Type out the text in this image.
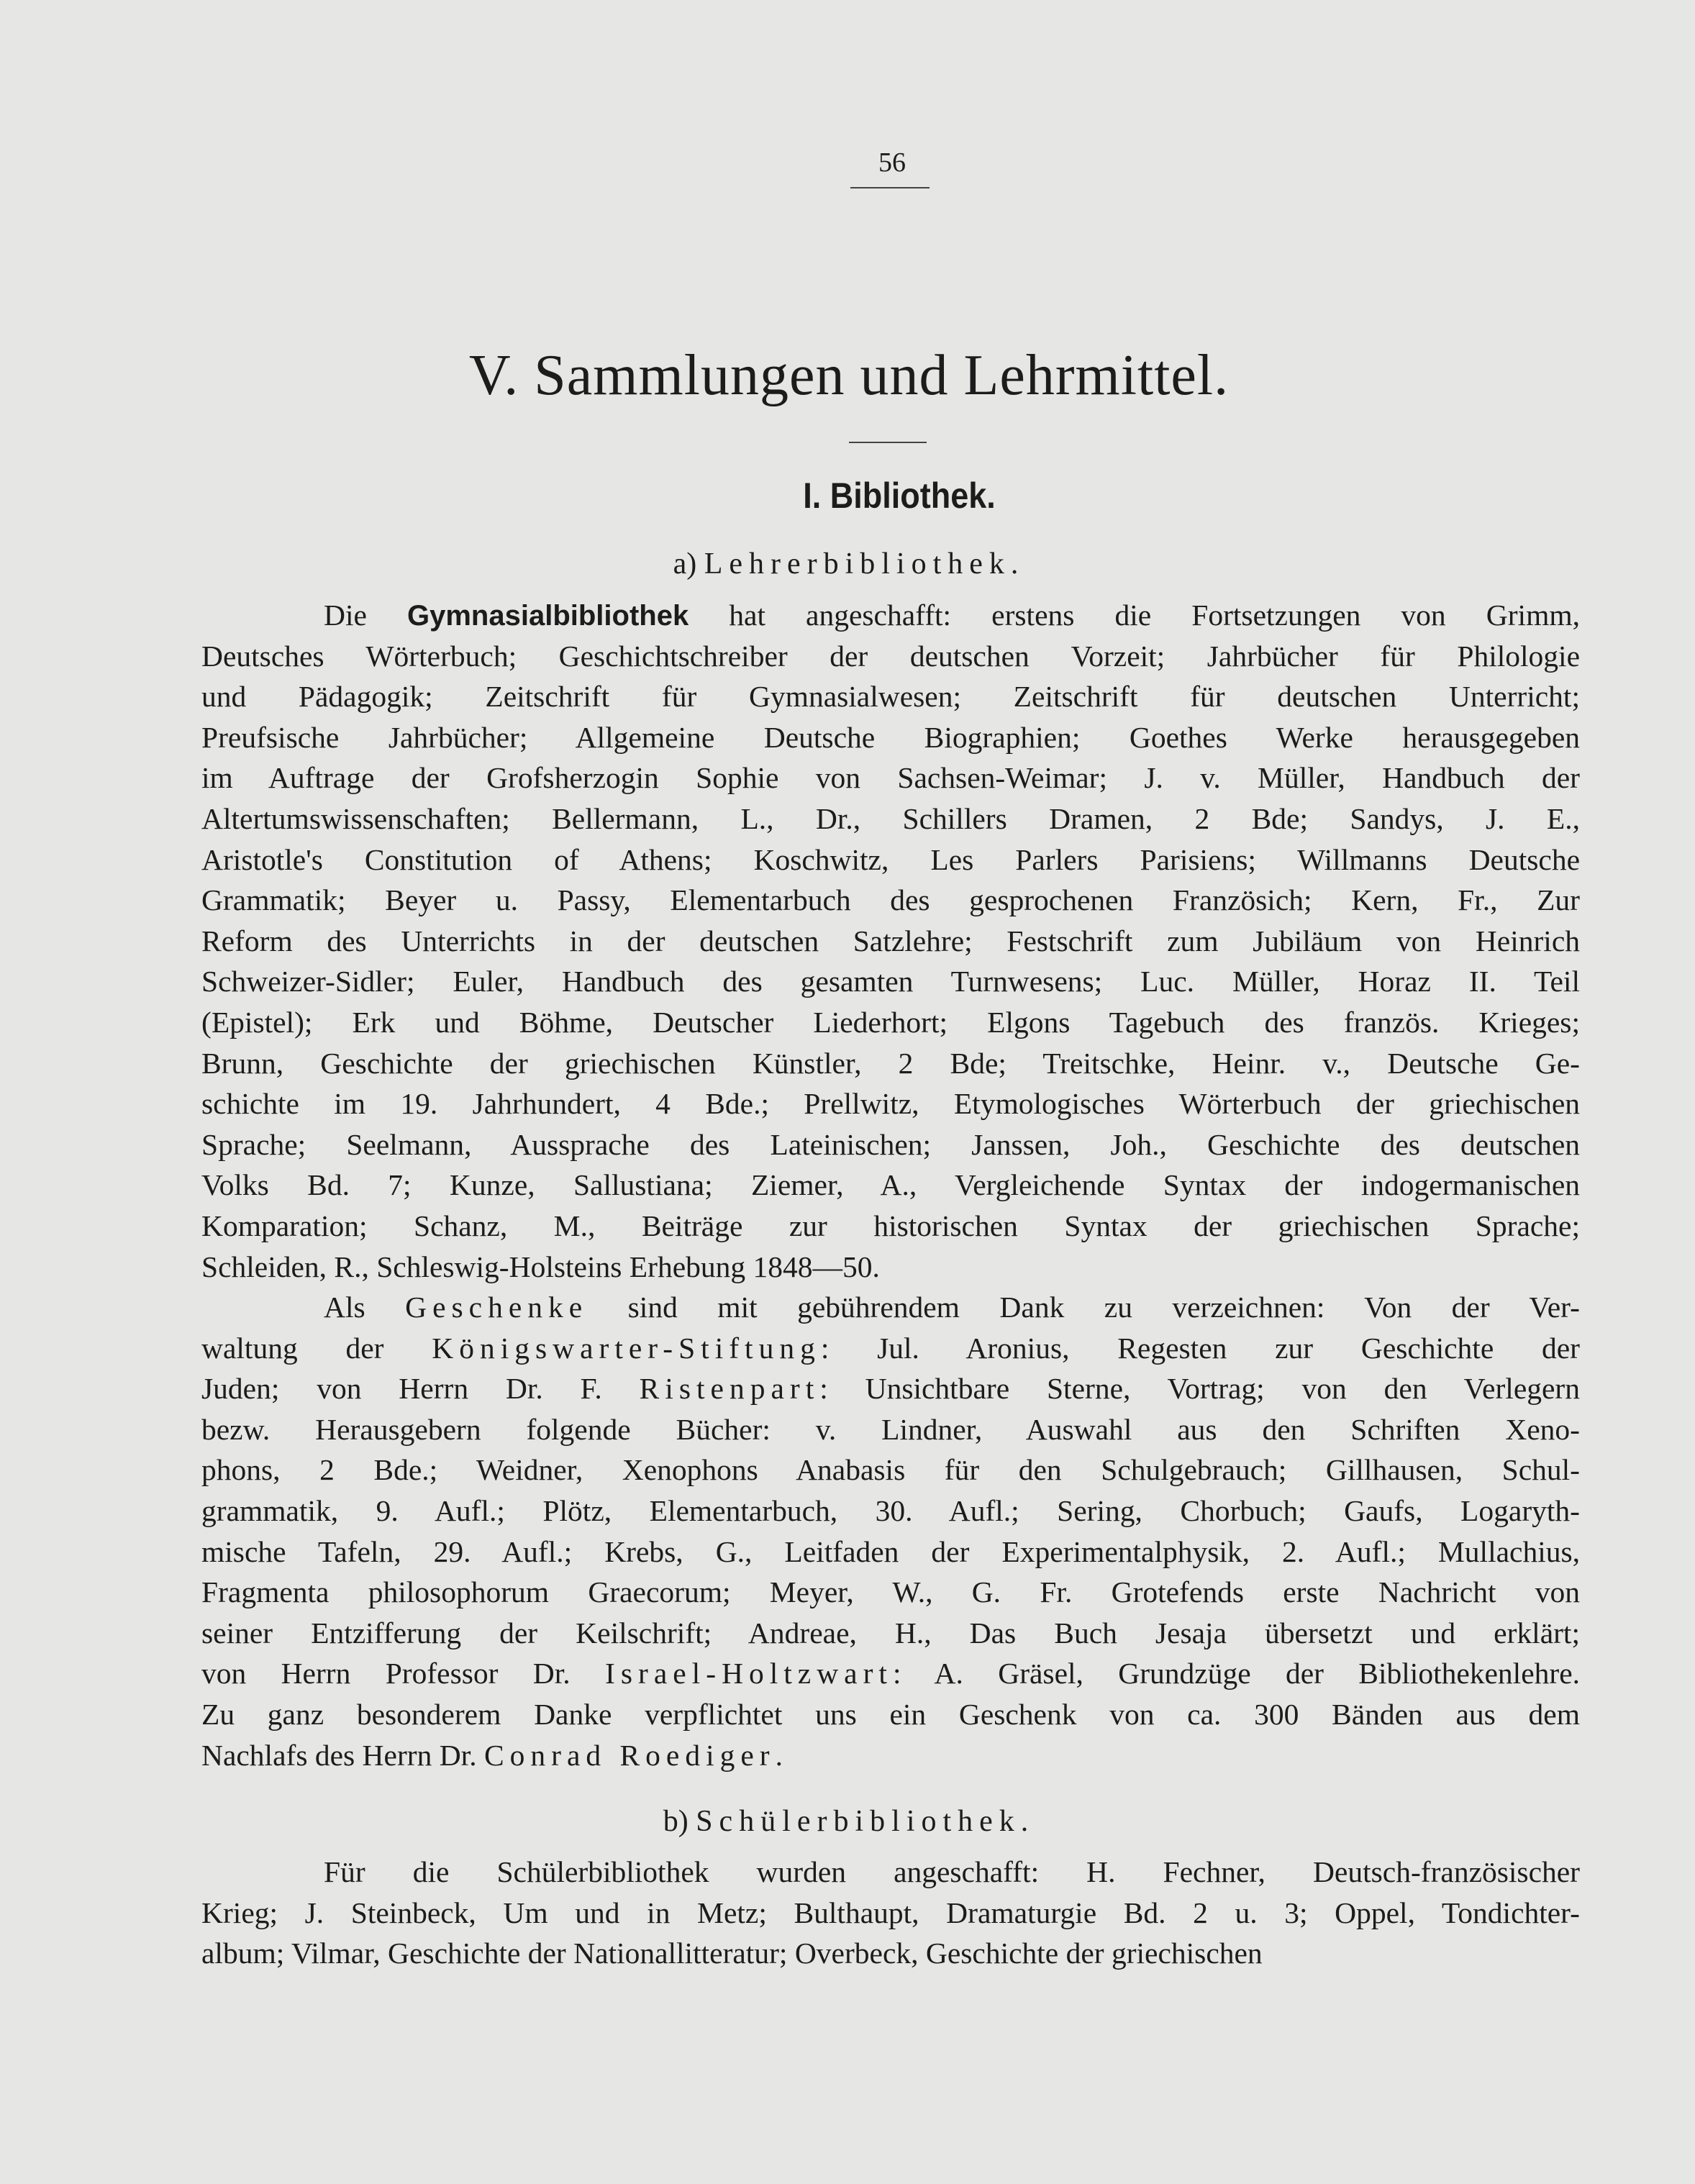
56
V. Sammlungen und Lehrmittel.
I. Bibliothek.
a) Lehrerbibliothek.
Die Gymnasialbibliothek hat angeschafft: erstens die Fortsetzungen von Grimm,
Deutsches Wörterbuch; Geschichtschreiber der deutschen Vorzeit; Jahrbücher für Philologie
und Pädagogik; Zeitschrift für Gymnasialwesen; Zeitschrift für deutschen Unterricht;
Preufsische Jahrbücher; Allgemeine Deutsche Biographien; Goethes Werke herausgegeben
im Auftrage der Grofsherzogin Sophie von Sachsen-Weimar; J. v. Müller, Handbuch der
Altertumswissenschaften; Bellermann, L., Dr., Schillers Dramen, 2 Bde; Sandys, J. E.,
Aristotle's Constitution of Athens; Koschwitz, Les Parlers Parisiens; Willmanns Deutsche
Grammatik; Beyer u. Passy, Elementarbuch des gesprochenen Französich; Kern, Fr., Zur
Reform des Unterrichts in der deutschen Satzlehre; Festschrift zum Jubiläum von Heinrich
Schweizer-Sidler; Euler, Handbuch des gesamten Turnwesens; Luc. Müller, Horaz II. Teil
(Epistel); Erk und Böhme, Deutscher Liederhort; Elgons Tagebuch des französ. Krieges;
Brunn, Geschichte der griechischen Künstler, 2 Bde; Treitschke, Heinr. v., Deutsche Ge-
schichte im 19. Jahrhundert, 4 Bde.; Prellwitz, Etymologisches Wörterbuch der griechischen
Sprache; Seelmann, Aussprache des Lateinischen; Janssen, Joh., Geschichte des deutschen
Volks Bd. 7; Kunze, Sallustiana; Ziemer, A., Vergleichende Syntax der indogermanischen
Komparation; Schanz, M., Beiträge zur historischen Syntax der griechischen Sprache;
Schleiden, R., Schleswig-Holsteins Erhebung 1848—50.
Als Geschenke sind mit gebührendem Dank zu verzeichnen: Von der Ver-
waltung der Königswarter-Stiftung: Jul. Aronius, Regesten zur Geschichte der
Juden; von Herrn Dr. F. Ristenpart: Unsichtbare Sterne, Vortrag; von den Verlegern
bezw. Herausgebern folgende Bücher: v. Lindner, Auswahl aus den Schriften Xeno-
phons, 2 Bde.; Weidner, Xenophons Anabasis für den Schulgebrauch; Gillhausen, Schul-
grammatik, 9. Aufl.; Plötz, Elementarbuch, 30. Aufl.; Sering, Chorbuch; Gaufs, Logaryth-
mische Tafeln, 29. Aufl.; Krebs, G., Leitfaden der Experimentalphysik, 2. Aufl.; Mullachius,
Fragmenta philosophorum Graecorum; Meyer, W., G. Fr. Grotefends erste Nachricht von
seiner Entzifferung der Keilschrift; Andreae, H., Das Buch Jesaja übersetzt und erklärt;
von Herrn Professor Dr. Israel-Holtzwart: A. Gräsel, Grundzüge der Bibliothekenlehre.
Zu ganz besonderem Danke verpflichtet uns ein Geschenk von ca. 300 Bänden aus dem
Nachlafs des Herrn Dr. Conrad Roediger.
b) Schülerbibliothek.
Für die Schülerbibliothek wurden angeschafft: H. Fechner, Deutsch-französischer
Krieg; J. Steinbeck, Um und in Metz; Bulthaupt, Dramaturgie Bd. 2 u. 3; Oppel, Tondichter-
album; Vilmar, Geschichte der Nationallitteratur; Overbeck, Geschichte der griechischen
